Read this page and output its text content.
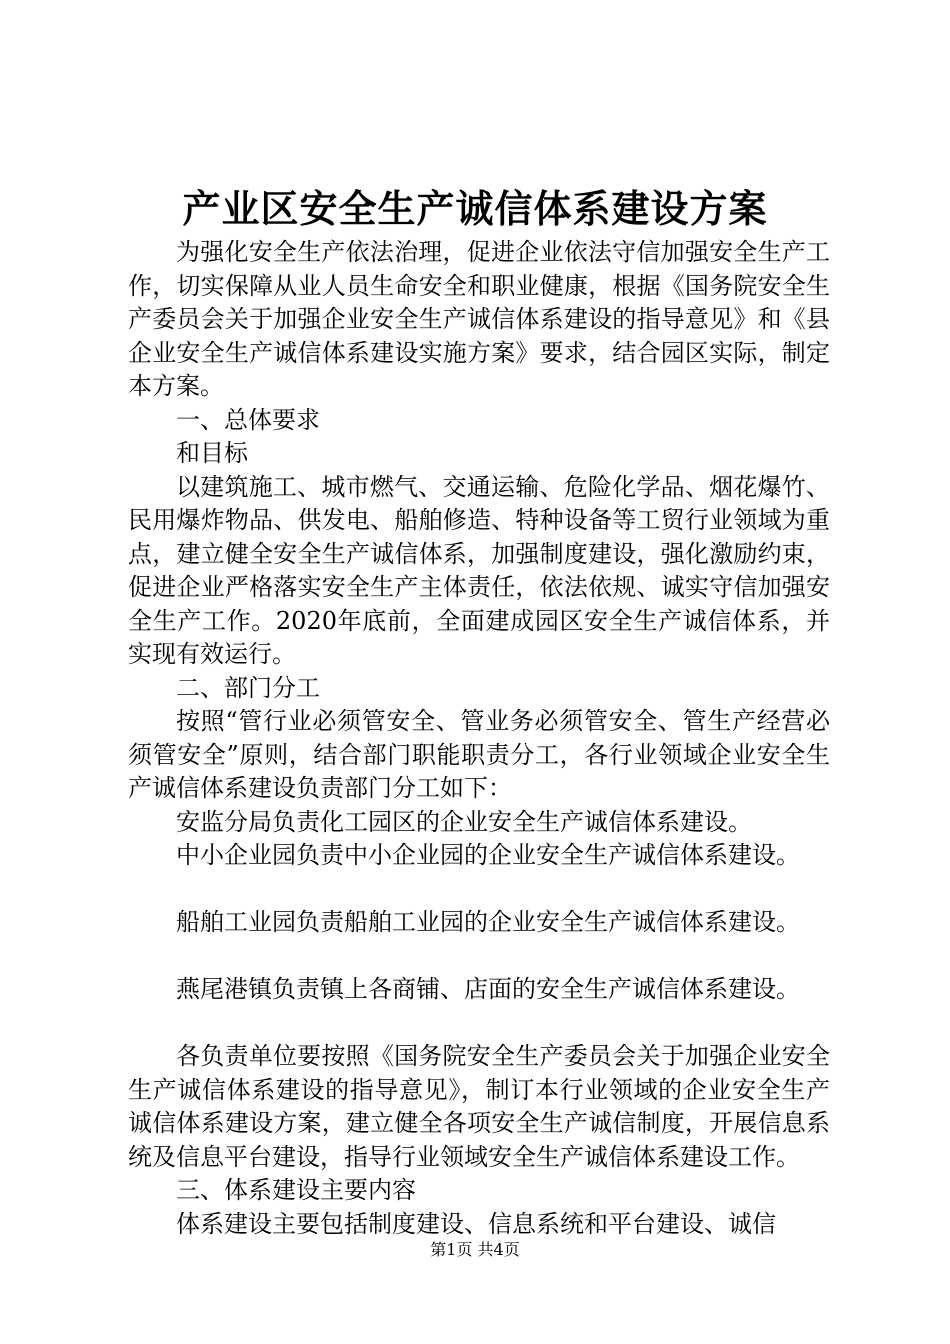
产业区安全生产诚信体系建设方案

为强化安全生产依法治理，促进企业依法守信加强安全生产工作，切实保障从业人员生命安全和职业健康，根据《国务院安全生产委员会关于加强企业安全生产诚信体系建设的指导意见》和《县企业安全生产诚信体系建设实施方案》要求，结合园区实际，制定本方案。

一、总体要求

和目标

以建筑施工、城市燃气、交通运输、危险化学品、烟花爆竹、民用爆炸物品、供发电、船舶修造、特种设备等工贸行业领域为重点，建立健全安全生产诚信体系，加强制度建设，强化激励约束，促进企业严格落实安全生产主体责任，依法依规、诚实守信加强安全生产工作。2020年底前，全面建成园区安全生产诚信体系，并实现有效运行。

二、部门分工

按照“管行业必须管安全、管业务必须管安全、管生产经营必须管安全”原则，结合部门职能职责分工，各行业领域企业安全生产诚信体系建设负责部门分工如下：

安监分局负责化工园区的企业安全生产诚信体系建设。

中小企业园负责中小企业园的企业安全生产诚信体系建设。

船舶工业园负责船舶工业园的企业安全生产诚信体系建设。

燕尾港镇负责镇上各商铺、店面的安全生产诚信体系建设。

各负责单位要按照《国务院安全生产委员会关于加强企业安全生产诚信体系建设的指导意见》，制订本行业领域的企业安全生产诚信体系建设方案，建立健全各项安全生产诚信制度，开展信息系统及信息平台建设，指导行业领域安全生产诚信体系建设工作。

三、体系建设主要内容

体系建设主要包括制度建设、信息系统和平台建设、诚信

第1页 共4页
